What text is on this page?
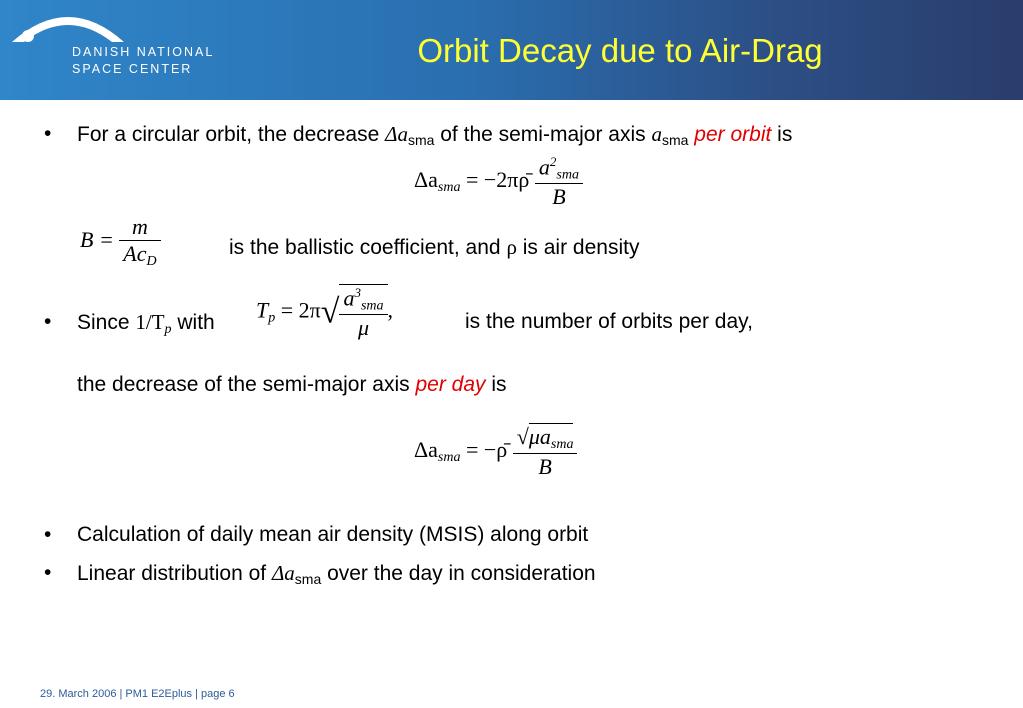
DANISH NATIONAL
SPACE CENTER	Orbit Decay due to Air-Drag
• For a circular orbit, the decrease $\Delta a_{sma}$ of the semi-major axis $a_{sma}$ per orbit is
$\Delta a_{sma}$ = −2πρ̄ $\frac{a^2_{sma}}{B}$
$B = \frac{m}{Ac_D}$	is the ballistic coefficient, and ρ is air density
• Since $1/T_p$ with $T_p = 2\pi√ \frac{a^3_{sma}}{\mu}$ ,	is the number of orbits per day,
the decrease of the semi-major axis per day is
$\Delta a_{sma}$ = −ρ̄ $\frac{√\mu a_{sma}}{B}$
• Calculation of daily mean air density (MSIS) along orbit
• Linear distribution of $\Delta a_{sma}$ over the day in consideration
29. March 2006 | PM1 E2Eplus | page 6
